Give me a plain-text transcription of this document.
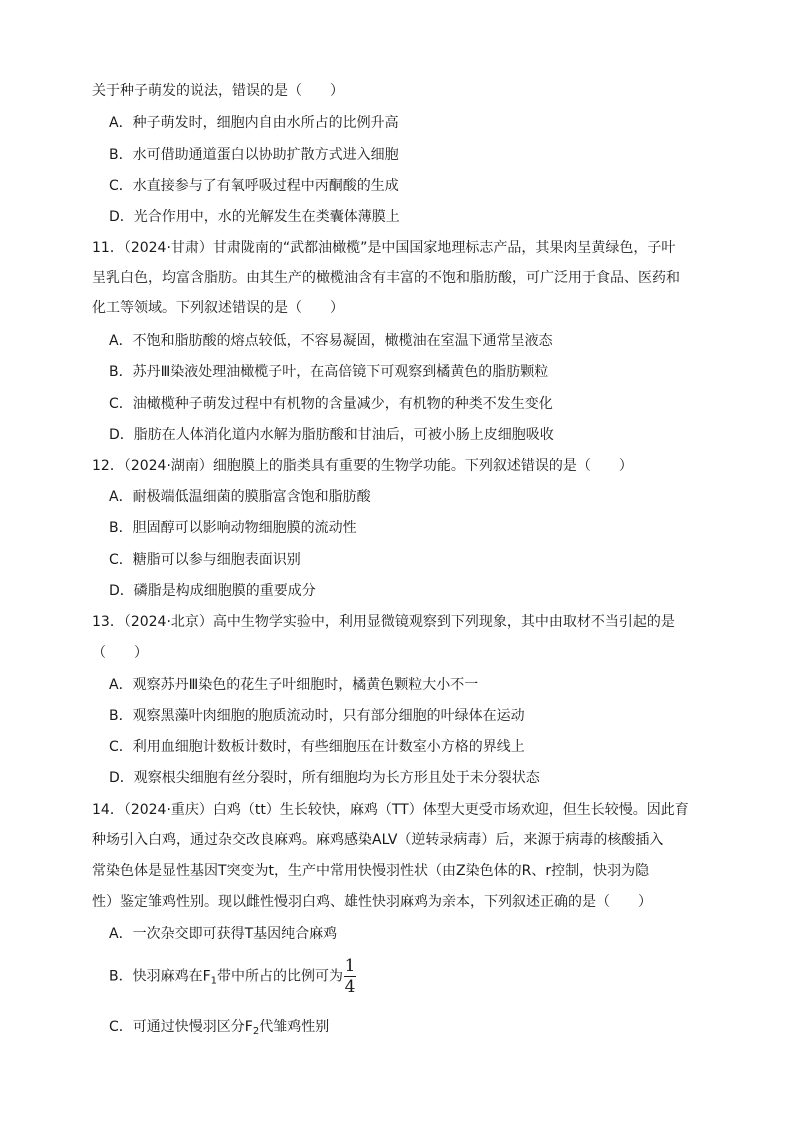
关于种子萌发的说法，错误的是（　　）
A．种子萌发时，细胞内自由水所占的比例升高
B．水可借助通道蛋白以协助扩散方式进入细胞
C．水直接参与了有氧呼吸过程中丙酮酸的生成
D．光合作用中，水的光解发生在类囊体薄膜上
11．（2024·甘肃）甘肃陇南的“武都油橄榄”是中国国家地理标志产品，其果肉呈黄绿色，子叶
呈乳白色，均富含脂肪。由其生产的橄榄油含有丰富的不饱和脂肪酸，可广泛用于食品、医药和
化工等领域。下列叙述错误的是（　　）
A．不饱和脂肪酸的熔点较低，不容易凝固，橄榄油在室温下通常呈液态
B．苏丹Ⅲ染液处理油橄榄子叶，在高倍镜下可观察到橘黄色的脂肪颗粒
C．油橄榄种子萌发过程中有机物的含量减少，有机物的种类不发生变化
D．脂肪在人体消化道内水解为脂肪酸和甘油后，可被小肠上皮细胞吸收
12．（2024·湖南）细胞膜上的脂类具有重要的生物学功能。下列叙述错误的是（　　）
A．耐极端低温细菌的膜脂富含饱和脂肪酸
B．胆固醇可以影响动物细胞膜的流动性
C．糖脂可以参与细胞表面识别
D．磷脂是构成细胞膜的重要成分
13．（2024·北京）高中生物学实验中，利用显微镜观察到下列现象，其中由取材不当引起的是
（　　）
A．观察苏丹Ⅲ染色的花生子叶细胞时，橘黄色颗粒大小不一
B．观察黑藻叶肉细胞的胞质流动时，只有部分细胞的叶绿体在运动
C．利用血细胞计数板计数时，有些细胞压在计数室小方格的界线上
D．观察根尖细胞有丝分裂时，所有细胞均为长方形且处于未分裂状态
14．（2024·重庆）白鸡（tt）生长较快，麻鸡（TT）体型大更受市场欢迎，但生长较慢。因此育
种场引入白鸡，通过杂交改良麻鸡。麻鸡感染ALV（逆转录病毒）后，来源于病毒的核酸插入
常染色体是显性基因T突变为t，生产中常用快慢羽性状（由Z染色体的R、r控制，快羽为隐
性）鉴定雏鸡性别。现以雌性慢羽白鸡、雄性快羽麻鸡为亲本，下列叙述正确的是（　　）
A．一次杂交即可获得T基因纯合麻鸡
B．快羽麻鸡在$F_1$带中所占的比例可为 $\frac{1}{4}$
C．可通过快慢羽区分$F_2$代雏鸡性别
